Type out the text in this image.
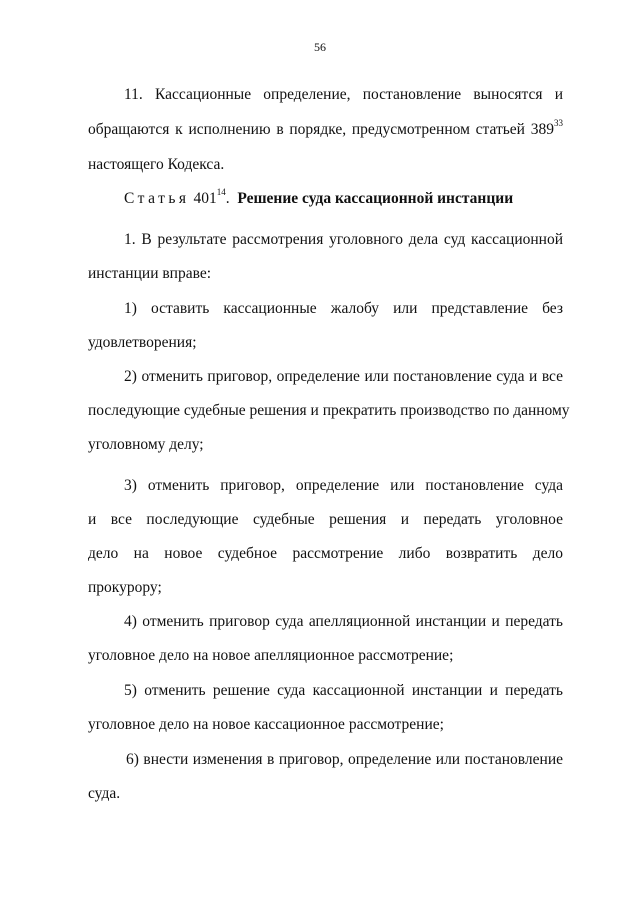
56
11. Кассационные определение, постановление выносятся и
обращаются к исполнению в порядке, предусмотренном статьей $389^{33}$
настоящего Кодекса.
Статья $401^{14}$. Решение суда кассационной инстанции
1. В результате рассмотрения уголовного дела суд кассационной
инстанции вправе:
1) оставить кассационные жалобу или представление без
удовлетворения;
2) отменить приговор, определение или постановление суда и все
последующие судебные решения и прекратить производство по данному
уголовному делу;
3) отменить приговор, определение или постановление суда
и все последующие судебные решения и передать уголовное
дело на новое судебное рассмотрение либо возвратить дело
прокурору;
4) отменить приговор суда апелляционной инстанции и передать
уголовное дело на новое апелляционное рассмотрение;
5) отменить решение суда кассационной инстанции и передать
уголовное дело на новое кассационное рассмотрение;
6) внести изменения в приговор, определение или постановление
суда.
